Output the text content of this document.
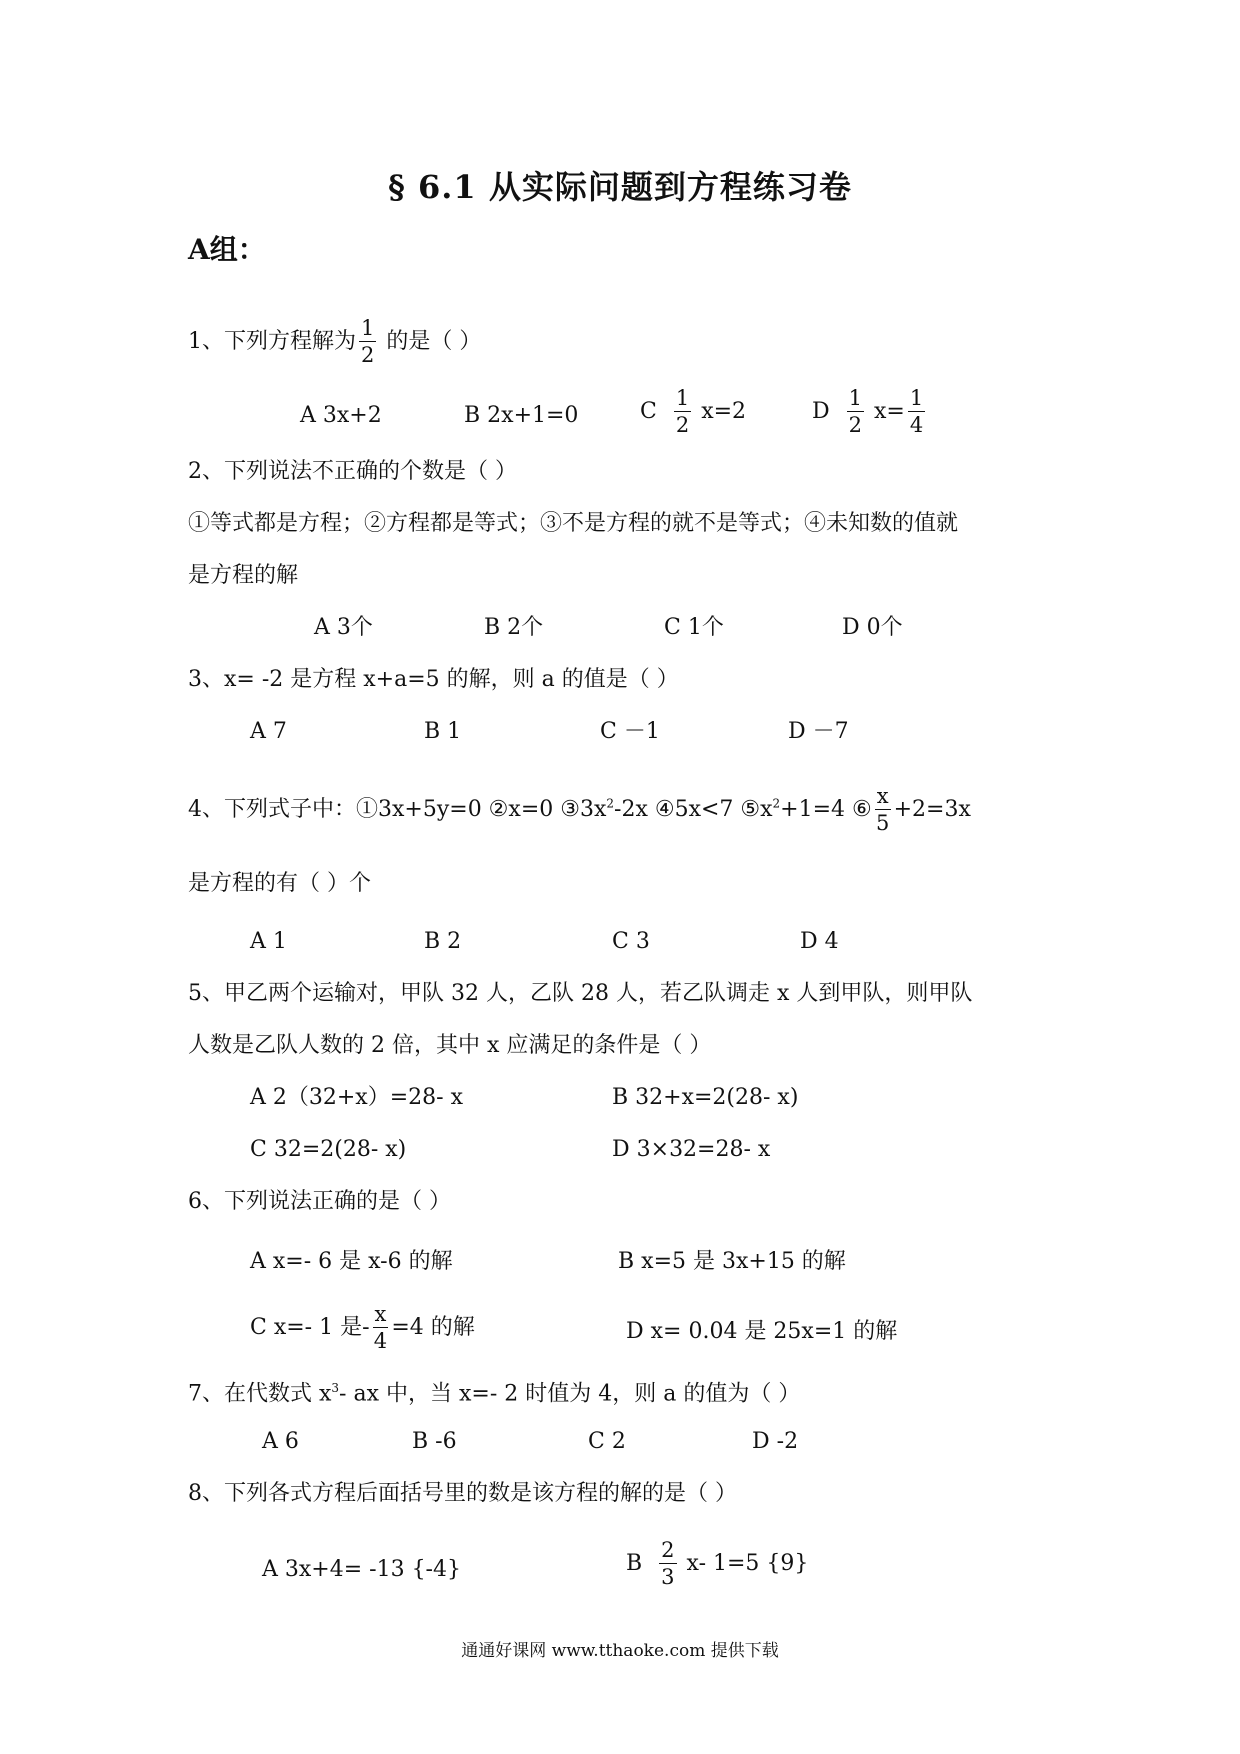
§ 6.1 从实际问题到方程练习卷
A组：
1、下列方程解为 $\frac{1}{2}$ 的是（ ）
A 3x+2	B 2x+1=0	C $\frac{1}{2} x=2$	D $\frac{1}{2} x= \frac{1}{4}$
2、下列说法不正确的个数是（ ）
①等式都是方程；②方程都是等式；③不是方程的就不是等式；④未知数的值就
是方程的解
A 3个	B 2个	C 1个	D 0个
3、x= -2 是方程 x+a=5 的解，则 a 的值是（ ）
A 7	B 1	C －1	D －7
4、下列式子中：①3x+5y=0 ②x=0 $③3x^2-2x$ ④5x<7 $⑤x^2+1=4$ ⑥ $\frac{x}{5} +2=3x$
是方程的有（ ）个
A 1	B 2	C 3	D 4
5、甲乙两个运输对，甲队 32 人，乙队 28 人，若乙队调走 x 人到甲队，则甲队
人数是乙队人数的 2 倍，其中 x 应满足的条件是（ ）
A 2（32+x）=28- x	B 32+x=2(28- x)
C 32=2(28- x)	D 3×32=28- x
6、下列说法正确的是（ ）
A x=- 6 是 x-6 的解	B x=5 是 3x+15 的解
C x=- 1 是- $\frac{x}{4} =4$ 的解	D x= 0.04 是 25x=1 的解
7、在代数式 $x^3-$ ax 中，当 x=- 2 时值为 4，则 a 的值为（ ）
A 6	B -6	C 2	D -2
8、下列各式方程后面括号里的数是该方程的解的是（ ）
A 3x+4= -13 {-4}	B $\frac{2}{3} x-$ 1=5 {9}
通通好课网 www.tthaoke.com 提供下载
